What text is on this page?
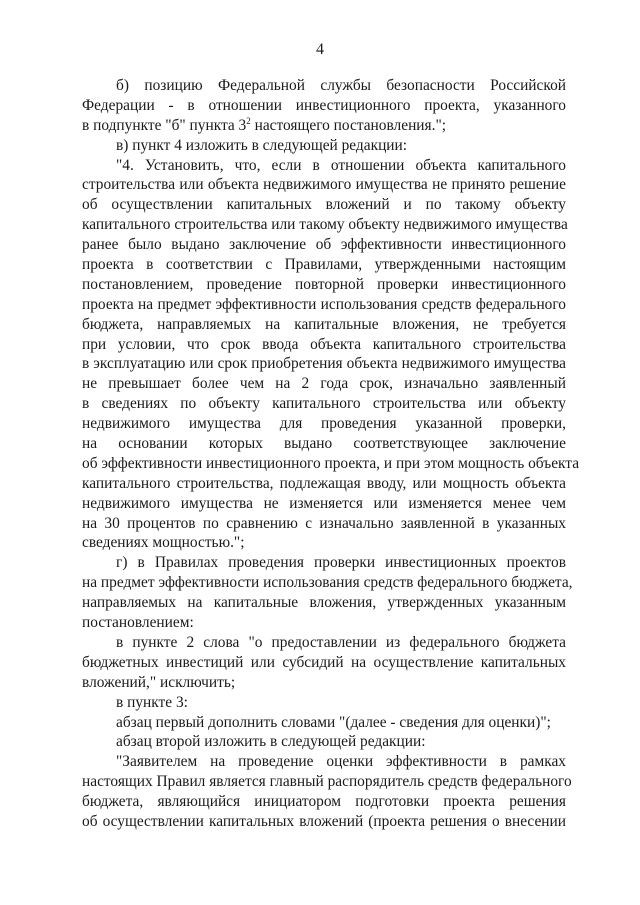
4
б) позицию Федеральной службы безопасности Российской
Федерации - в отношении инвестиционного проекта, указанного
в подпункте "б" пункта $3^2$ настоящего постановления.";
в) пункт 4 изложить в следующей редакции:
"4. Установить, что, если в отношении объекта капитального
строительства или объекта недвижимого имущества не принято решение
об осуществлении капитальных вложений и по такому объекту
капитального строительства или такому объекту недвижимого имущества
ранее было выдано заключение об эффективности инвестиционного
проекта в соответствии с Правилами, утвержденными настоящим
постановлением, проведение повторной проверки инвестиционного
проекта на предмет эффективности использования средств федерального
бюджета, направляемых на капитальные вложения, не требуется
при условии, что срок ввода объекта капитального строительства
в эксплуатацию или срок приобретения объекта недвижимого имущества
не превышает более чем на 2 года срок, изначально заявленный
в сведениях по объекту капитального строительства или объекту
недвижимого имущества для проведения указанной проверки,
на основании которых выдано соответствующее заключение
об эффективности инвестиционного проекта, и при этом мощность объекта
капитального строительства, подлежащая вводу, или мощность объекта
недвижимого имущества не изменяется или изменяется менее чем
на 30 процентов по сравнению с изначально заявленной в указанных
сведениях мощностью.";
г) в Правилах проведения проверки инвестиционных проектов
на предмет эффективности использования средств федерального бюджета,
направляемых на капитальные вложения, утвержденных указанным
постановлением:
в пункте 2 слова "о предоставлении из федерального бюджета
бюджетных инвестиций или субсидий на осуществление капитальных
вложений," исключить;
в пункте 3:
абзац первый дополнить словами "(далее - сведения для оценки)";
абзац второй изложить в следующей редакции:
"Заявителем на проведение оценки эффективности в рамках
настоящих Правил является главный распорядитель средств федерального
бюджета, являющийся инициатором подготовки проекта решения
об осуществлении капитальных вложений (проекта решения о внесении
